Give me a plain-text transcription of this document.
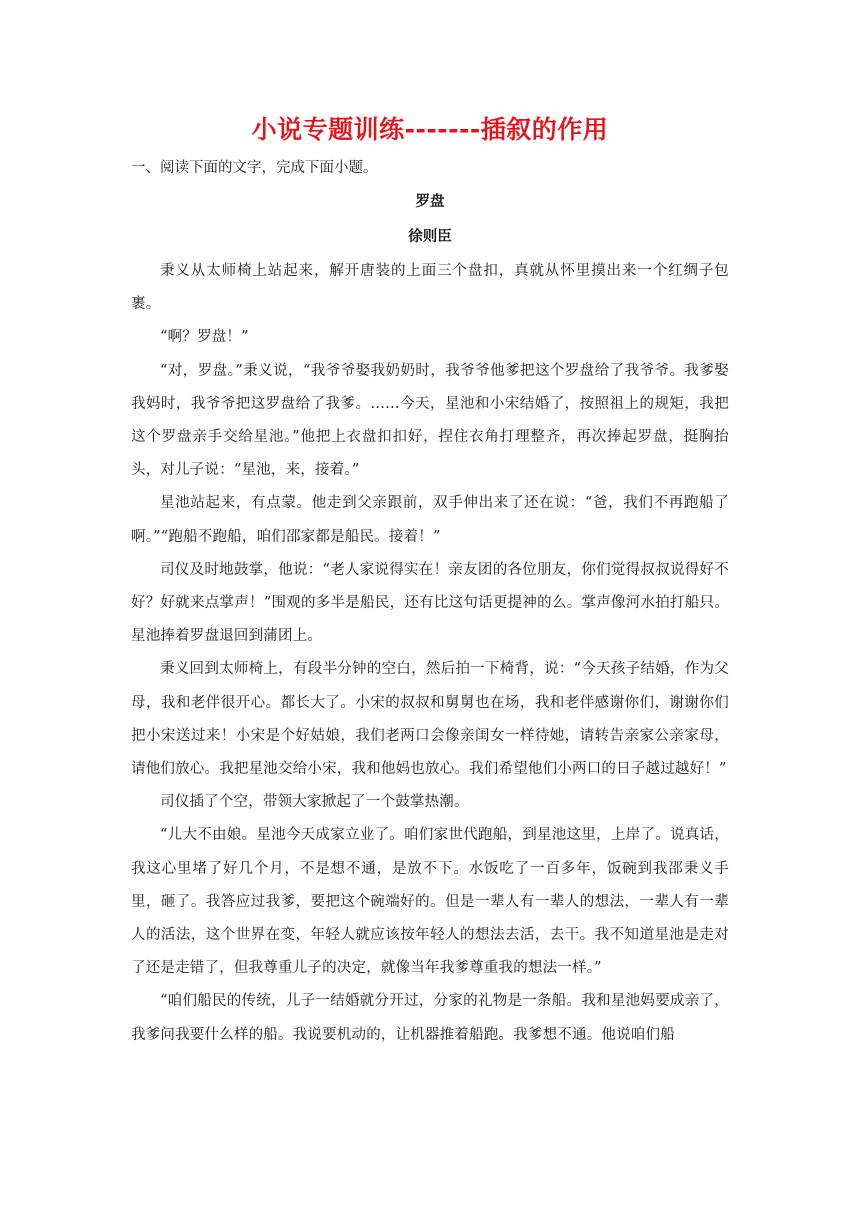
小说专题训练-------插叙的作用

一、阅读下面的文字，完成下面小题。

罗盘

徐则臣

秉义从太师椅上站起来，解开唐装的上面三个盘扣，真就从怀里摸出来一个红绸子包裹。

“啊？罗盘！”

“对，罗盘。”秉义说，“我爷爷娶我奶奶时，我爷爷他爹把这个罗盘给了我爷爷。我爹娶我妈时，我爷爷把这罗盘给了我爹。……今天，星池和小宋结婚了，按照祖上的规矩，我把这个罗盘亲手交给星池。”他把上衣盘扣扣好，捏住衣角打理整齐，再次捧起罗盘，挺胸抬头，对儿子说：“星池，来，接着。”

星池站起来，有点蒙。他走到父亲跟前，双手伸出来了还在说：“爸，我们不再跑船了啊。”“跑船不跑船，咱们邵家都是船民。接着！”

司仪及时地鼓掌，他说：“老人家说得实在！亲友团的各位朋友，你们觉得叔叔说得好不好？好就来点掌声！”围观的多半是船民，还有比这句话更提神的么。掌声像河水拍打船只。星池捧着罗盘退回到蒲团上。

秉义回到太师椅上，有段半分钟的空白，然后拍一下椅背，说：“今天孩子结婚，作为父母，我和老伴很开心。都长大了。小宋的叔叔和舅舅也在场，我和老伴感谢你们，谢谢你们把小宋送过来！小宋是个好姑娘，我们老两口会像亲闺女一样待她，请转告亲家公亲家母，请他们放心。我把星池交给小宋，我和他妈也放心。我们希望他们小两口的日子越过越好！”

司仪插了个空，带领大家掀起了一个鼓掌热潮。

“儿大不由娘。星池今天成家立业了。咱们家世代跑船，到星池这里，上岸了。说真话，我这心里堵了好几个月，不是想不通，是放不下。水饭吃了一百多年，饭碗到我邵秉义手里，砸了。我答应过我爹，要把这个碗端好的。但是一辈人有一辈人的想法，一辈人有一辈人的活法，这个世界在变，年轻人就应该按年轻人的想法去活，去干。我不知道星池是走对了还是走错了，但我尊重儿子的决定，就像当年我爹尊重我的想法一样。”

“咱们船民的传统，儿子一结婚就分开过，分家的礼物是一条船。我和星池妈要成亲了，我爹问我要什么样的船。我说要机动的，让机器推着船跑。我爹想不通。他说咱们船
